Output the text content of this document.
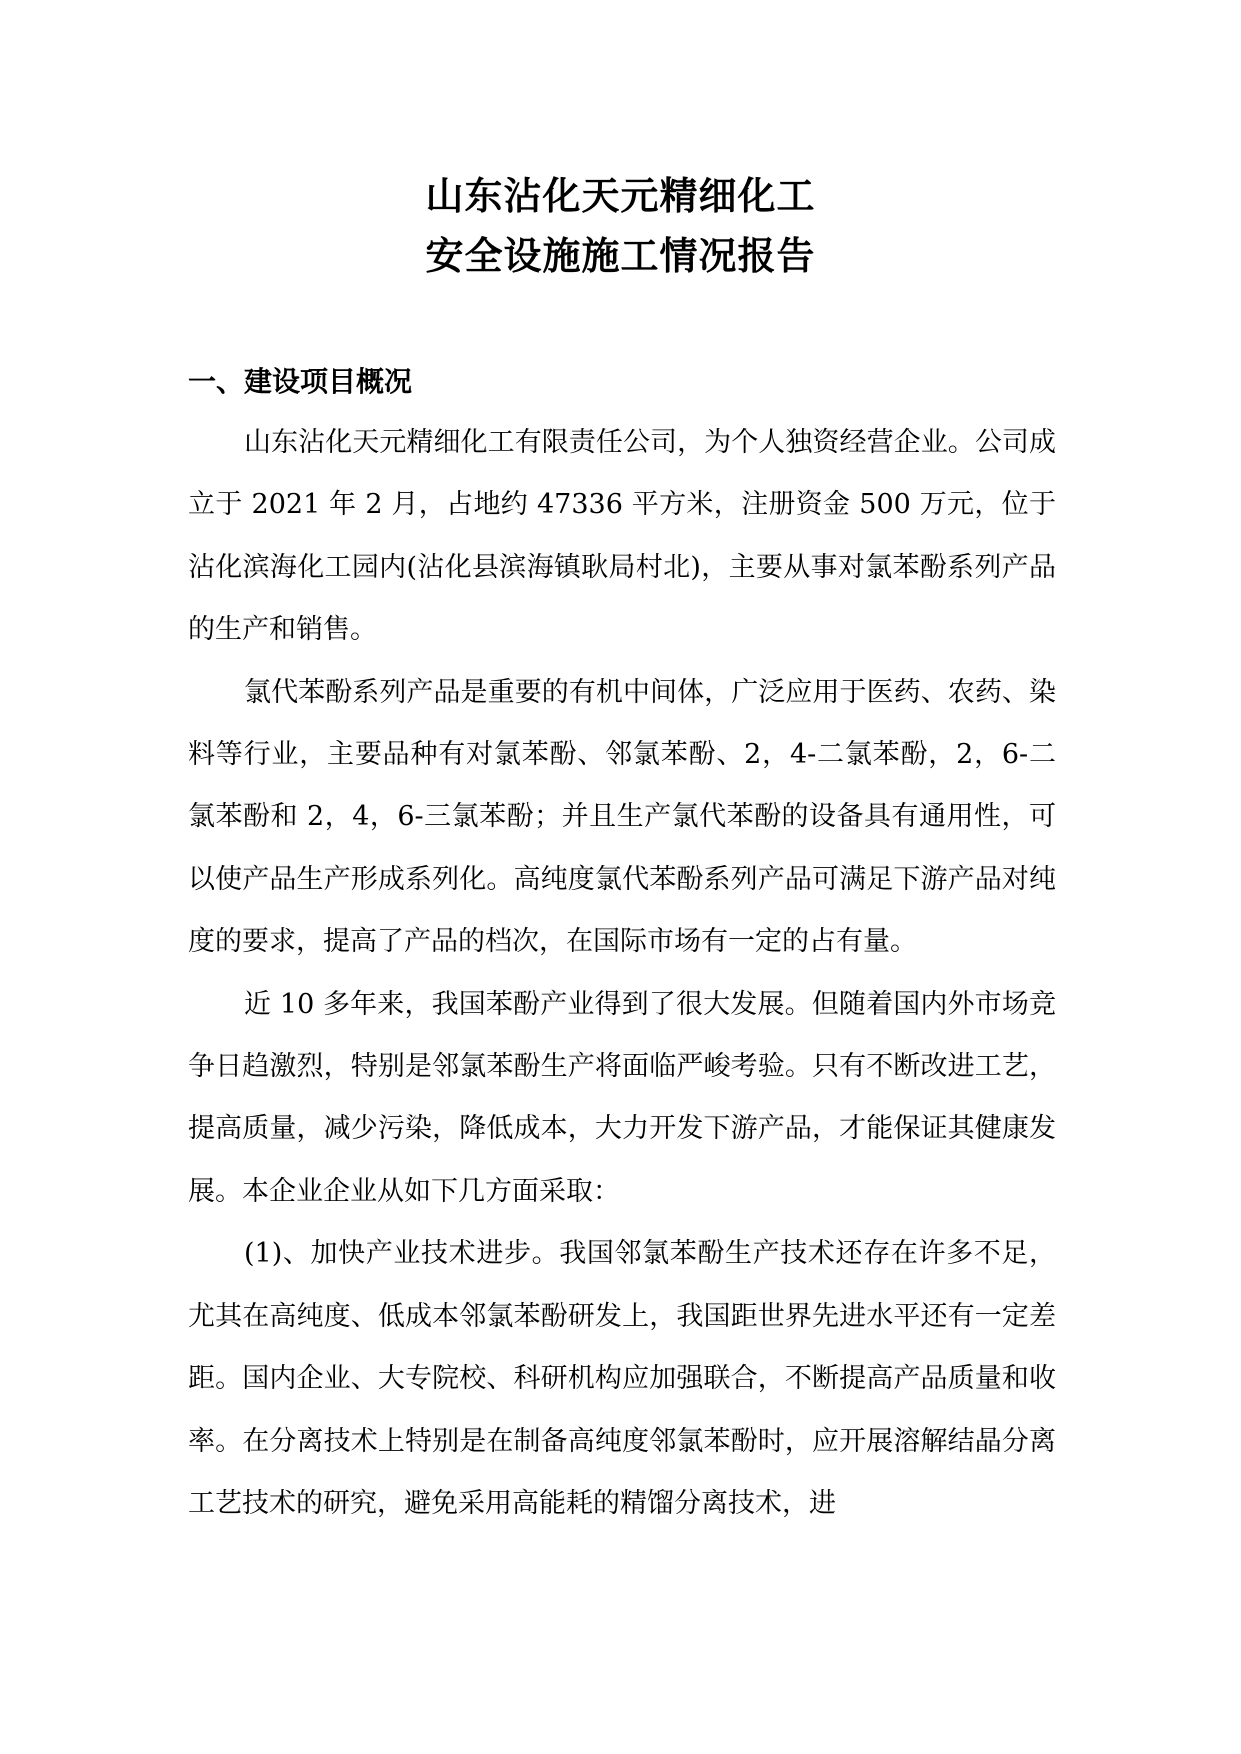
山东沾化天元精细化工

安全设施施工情况报告

一、建设项目概况

山东沾化天元精细化工有限责任公司，为个人独资经营企业。公司成立于 2021 年 2 月，占地约 47336 平方米，注册资金 500 万元，位于沾化滨海化工园内(沾化县滨海镇耿局村北)，主要从事对氯苯酚系列产品的生产和销售。

氯代苯酚系列产品是重要的有机中间体，广泛应用于医药、农药、染料等行业，主要品种有对氯苯酚、邻氯苯酚、2，4-二氯苯酚，2，6-二氯苯酚和 2，4，6-三氯苯酚；并且生产氯代苯酚的设备具有通用性，可以使产品生产形成系列化。高纯度氯代苯酚系列产品可满足下游产品对纯度的要求，提高了产品的档次，在国际市场有一定的占有量。

近 10 多年来，我国苯酚产业得到了很大发展。但随着国内外市场竞争日趋激烈，特别是邻氯苯酚生产将面临严峻考验。只有不断改进工艺，提高质量，减少污染，降低成本，大力开发下游产品，才能保证其健康发展。本企业企业从如下几方面采取：

(1)、加快产业技术进步。我国邻氯苯酚生产技术还存在许多不足，尤其在高纯度、低成本邻氯苯酚研发上，我国距世界先进水平还有一定差距。国内企业、大专院校、科研机构应加强联合，不断提高产品质量和收率。在分离技术上特别是在制备高纯度邻氯苯酚时，应开展溶解结晶分离工艺技术的研究，避免采用高能耗的精馏分离技术，进
